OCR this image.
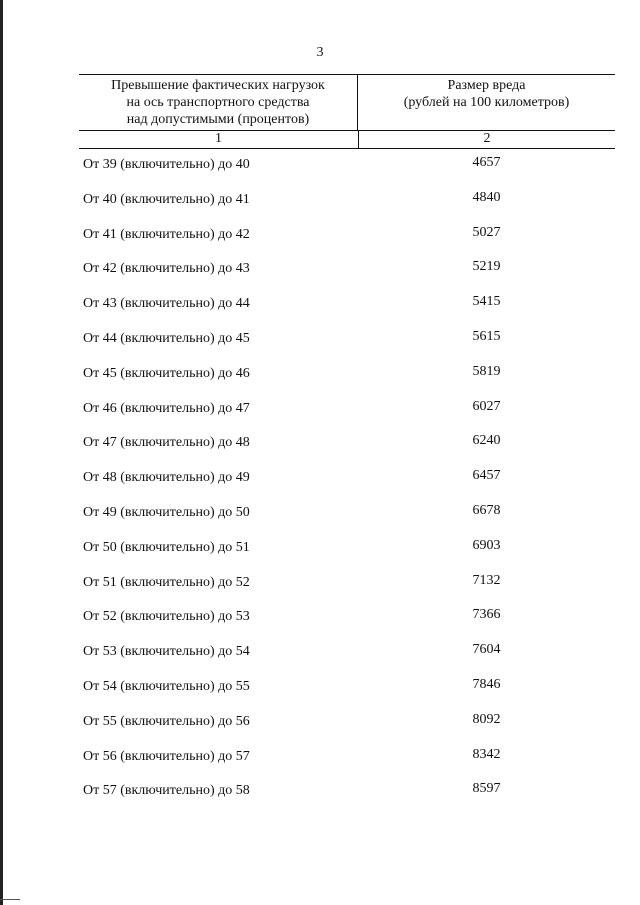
3
Превышение фактических нагрузок
на ось транспортного средства
над допустимыми (процентов)
Размер вреда
(рублей на 100 километров)
1	2
От 39 (включительно) до 40	4657
От 40 (включительно) до 41	4840
От 41 (включительно) до 42	5027
От 42 (включительно) до 43	5219
От 43 (включительно) до 44	5415
От 44 (включительно) до 45	5615
От 45 (включительно) до 46	5819
От 46 (включительно) до 47	6027
От 47 (включительно) до 48	6240
От 48 (включительно) до 49	6457
От 49 (включительно) до 50	6678
От 50 (включительно) до 51	6903
От 51 (включительно) до 52	7132
От 52 (включительно) до 53	7366
От 53 (включительно) до 54	7604
От 54 (включительно) до 55	7846
От 55 (включительно) до 56	8092
От 56 (включительно) до 57	8342
От 57 (включительно) до 58	8597
